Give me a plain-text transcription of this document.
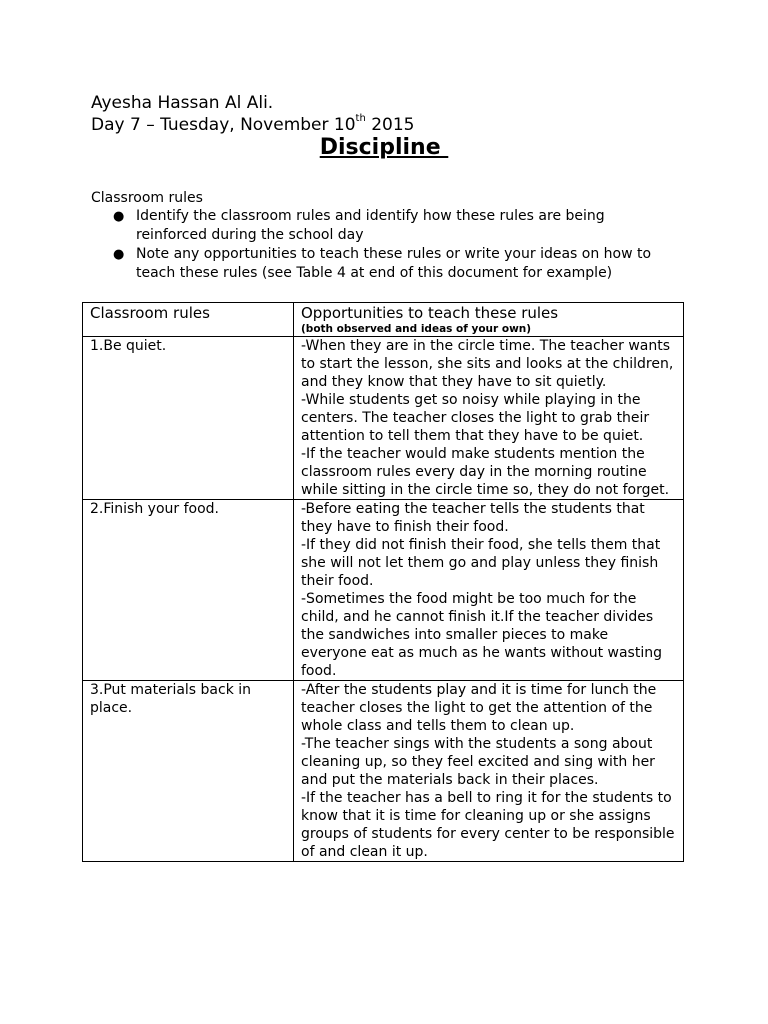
Ayesha Hassan Al Ali.
Day 7 – Tuesday, November 10th 2015
Discipline
Classroom rules
● Identify the classroom rules and identify how these rules are being reinforced during the school day
● Note any opportunities to teach these rules or write your ideas on how to teach these rules (see Table 4 at end of this document for example)
Classroom rules	Opportunities to teach these rules
(both observed and ideas of your own)

1.Be quiet.	-When they are in the circle time. The teacher wants to start the lesson, she sits and looks at the children, and they know that they have to sit quietly.
-While students get so noisy while playing in the centers. The teacher closes the light to grab their attention to tell them that they have to be quiet.
-If the teacher would make students mention the classroom rules every day in the morning routine while sitting in the circle time so, they do not forget.

2.Finish your food.	-Before eating the teacher tells the students that they have to finish their food.
-If they did not finish their food, she tells them that she will not let them go and play unless they finish their food.
-Sometimes the food might be too much for the child, and he cannot finish it.If the teacher divides the sandwiches into smaller pieces to make everyone eat as much as he wants without wasting food.

3.Put materials back in place.	-After the students play and it is time for lunch the teacher closes the light to get the attention of the whole class and tells them to clean up.
-The teacher sings with the students a song about cleaning up, so they feel excited and sing with her and put the materials back in their places.
-If the teacher has a bell to ring it for the students to know that it is time for cleaning up or she assigns groups of students for every center to be responsible of and clean it up.
